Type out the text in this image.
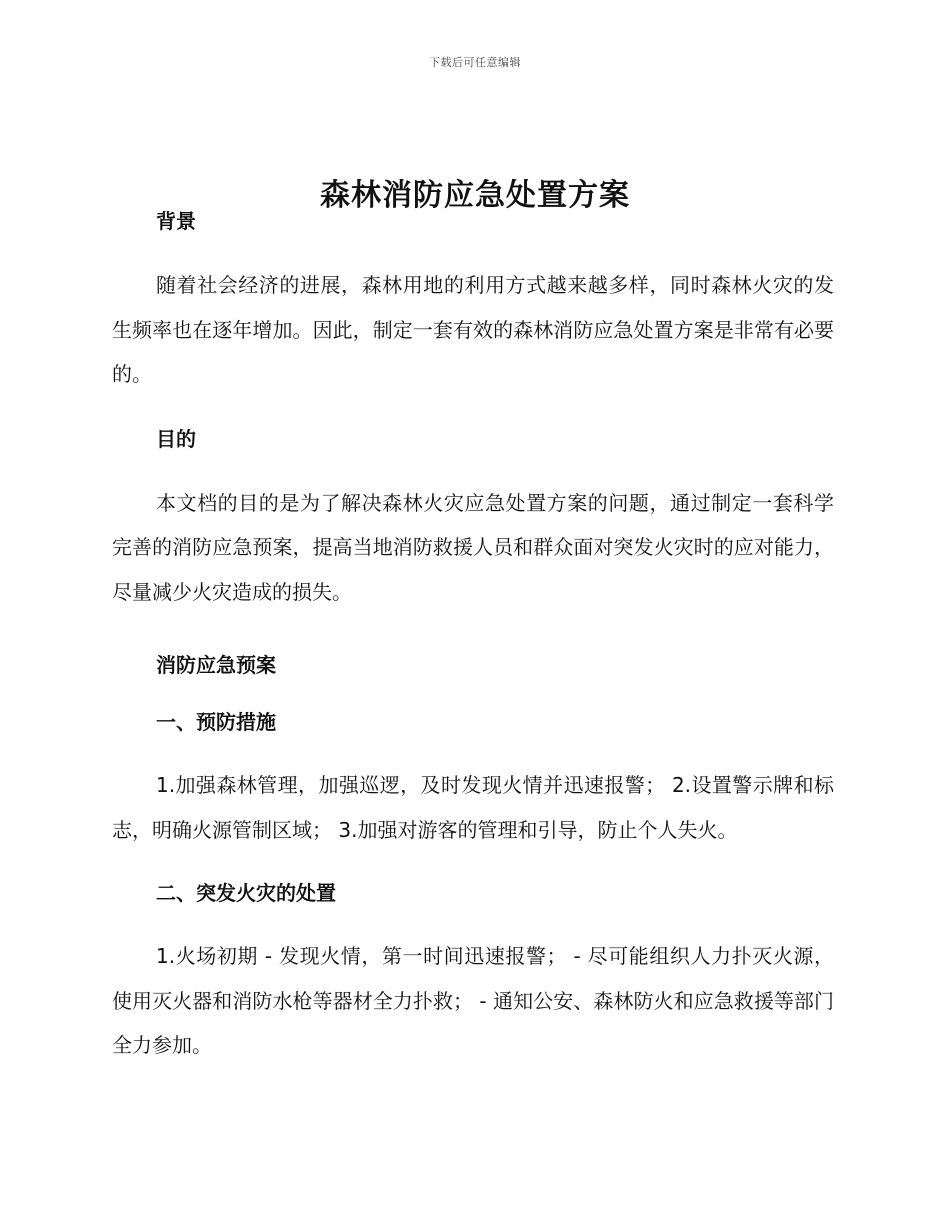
下载后可任意编辑
森林消防应急处置方案

背景

随着社会经济的进展，森林用地的利用方式越来越多样，同时森林火灾的发生频率也在逐年增加。因此，制定一套有效的森林消防应急处置方案是非常有必要的。

目的

本文档的目的是为了解决森林火灾应急处置方案的问题，通过制定一套科学完善的消防应急预案，提高当地消防救援人员和群众面对突发火灾时的应对能力，尽量减少火灾造成的损失。

消防应急预案

一、预防措施

1.加强森林管理，加强巡逻，及时发现火情并迅速报警； 2.设置警示牌和标志，明确火源管制区域； 3.加强对游客的管理和引导，防止个人失火。

二、突发火灾的处置

1.火场初期 - 发现火情，第一时间迅速报警； - 尽可能组织人力扑灭火源，使用灭火器和消防水枪等器材全力扑救； - 通知公安、森林防火和应急救援等部门全力参加。
